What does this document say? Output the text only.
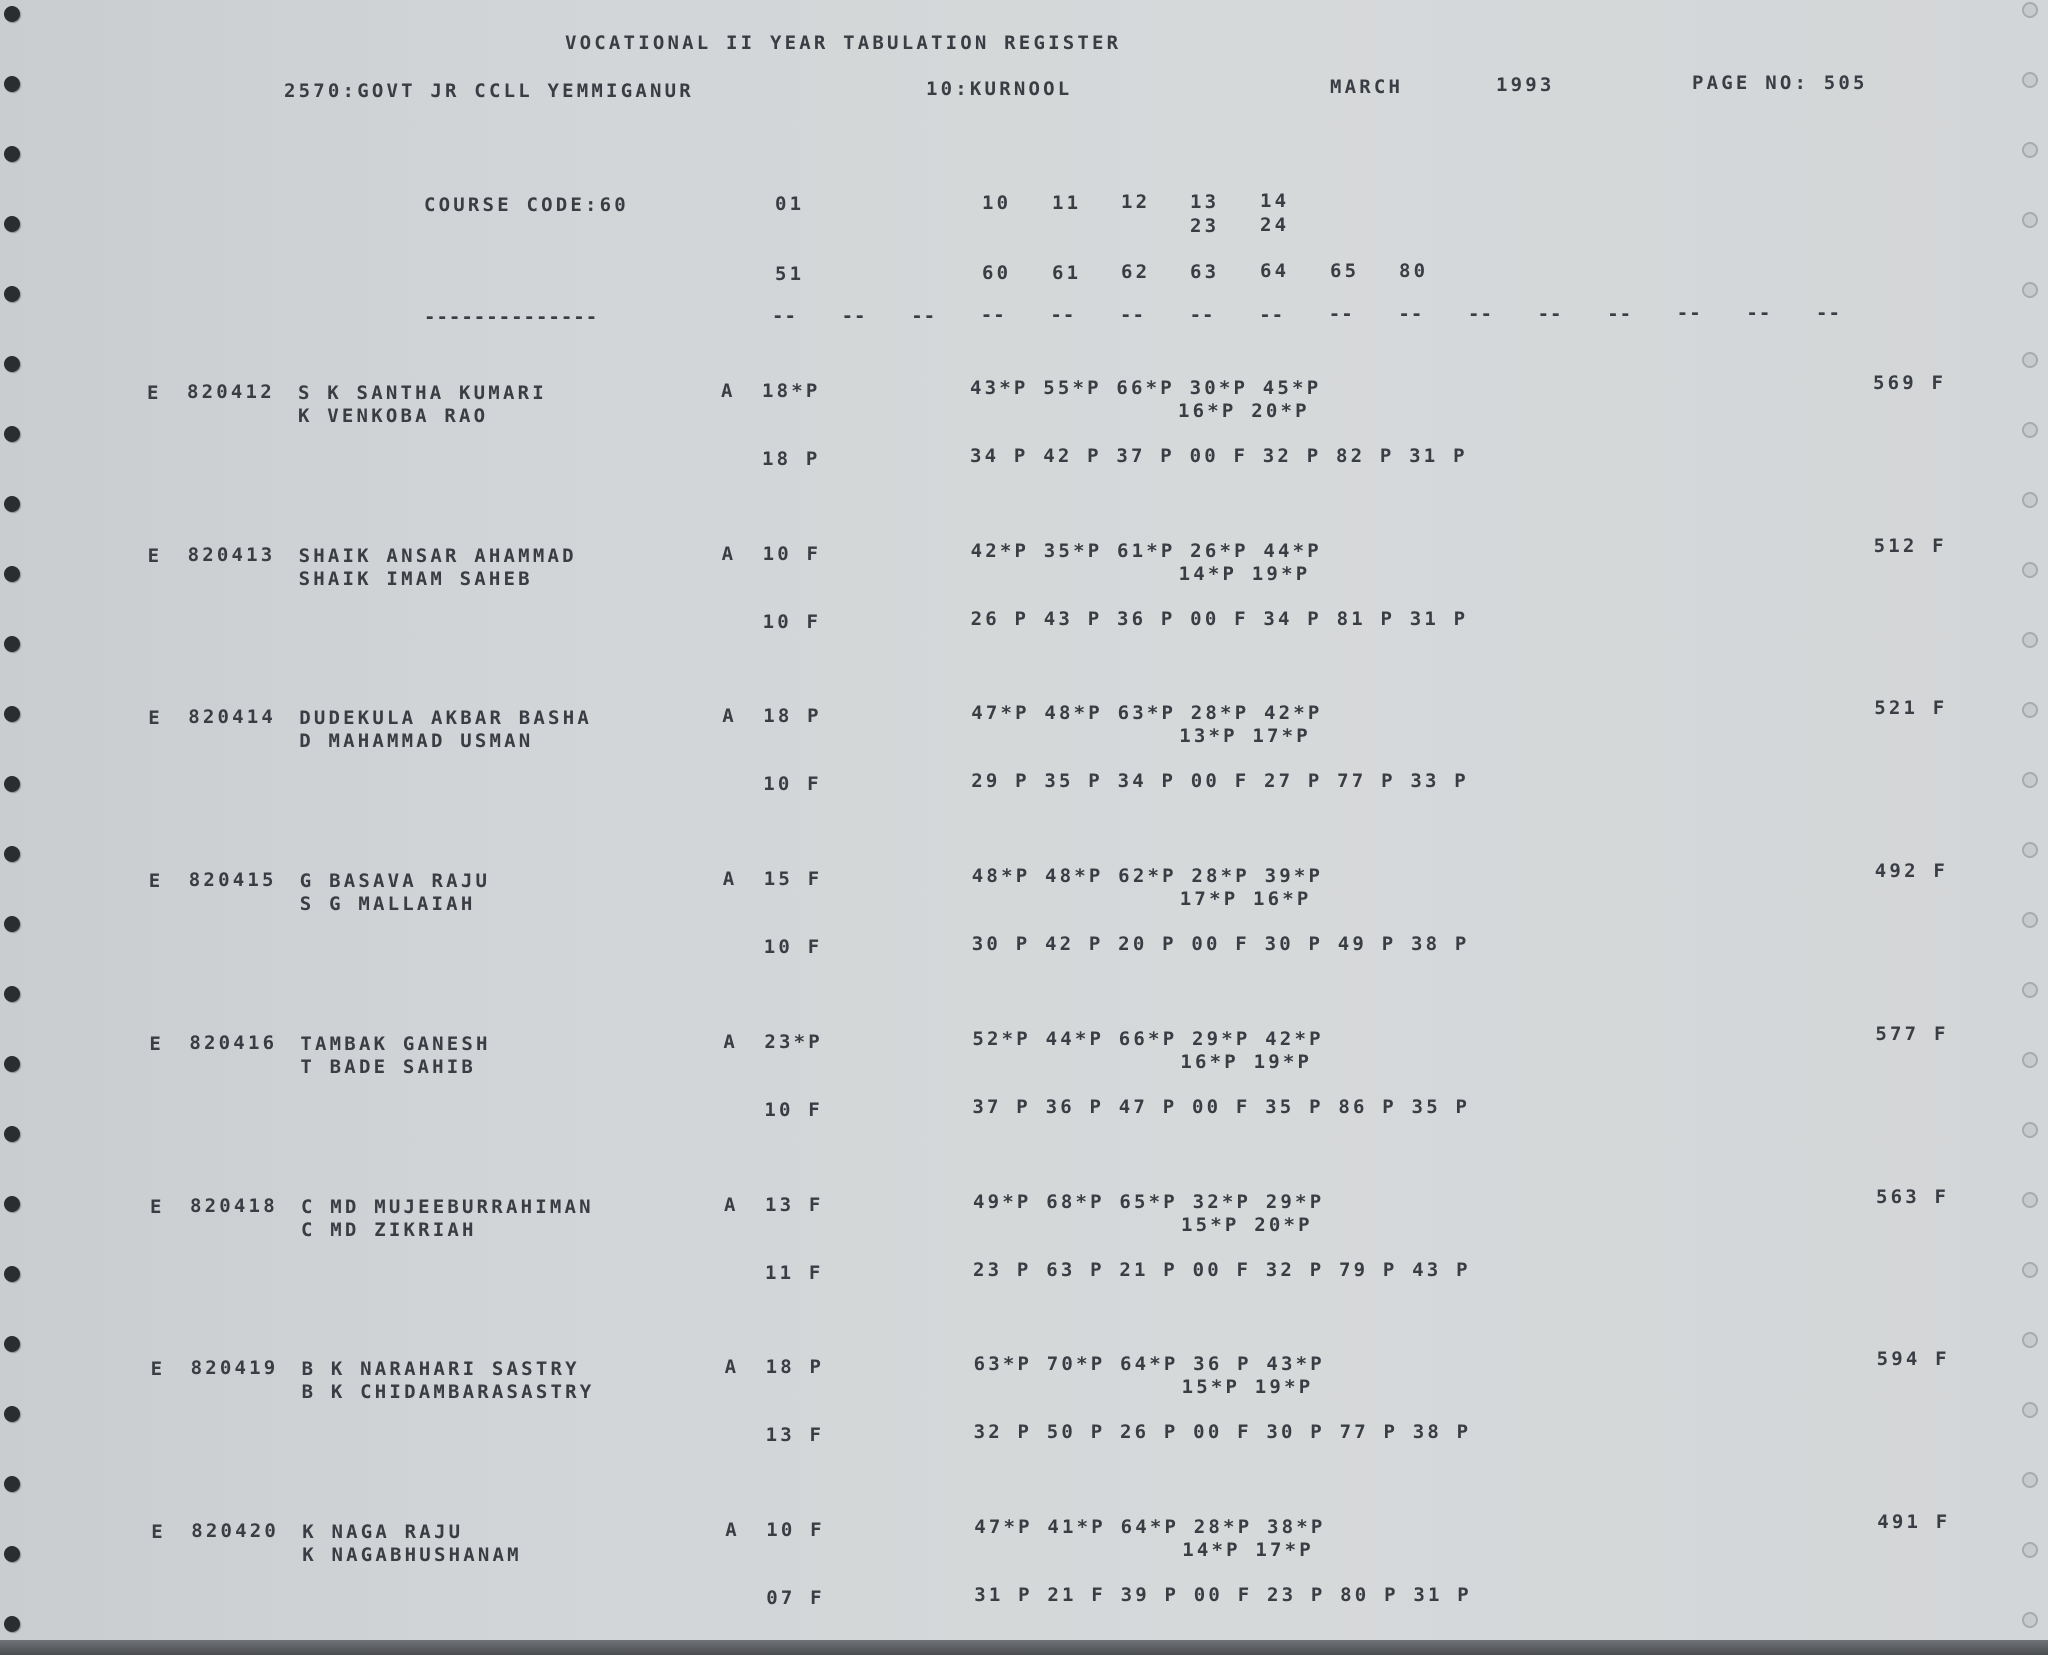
VOCATIONAL II YEAR TABULATION REGISTER
2570:GOVT JR CCLL YEMMIGANUR	10:KURNOOL	MARCH	1993	PAGE NO: 505
COURSE CODE:60	01	10 11 12 13 14
23 24
51	60 61 62 63 64 65 80
--------------	-- -- -- -- -- -- -- -- -- -- -- -- -- -- -- --
E 820412 S K SANTHA KUMARI
K VENKOBA RAO
A 18*P	43*P 55*P 66*P 30*P 45*P
16*P 20*P
18 P	34 P 42 P 37 P 00 F 32 P 82 P 31 P
569 F
E 820413 SHAIK ANSAR AHAMMAD
SHAIK IMAM SAHEB
A 10 F	42*P 35*P 61*P 26*P 44*P
14*P 19*P
10 F	26 P 43 P 36 P 00 F 34 P 81 P 31 P
512 F
E 820414 DUDEKULA AKBAR BASHA
D MAHAMMAD USMAN
A 18 P	47*P 48*P 63*P 28*P 42*P
13*P 17*P
10 F	29 P 35 P 34 P 00 F 27 P 77 P 33 P
521 F
E 820415 G BASAVA RAJU
S G MALLAIAH
A 15 F	48*P 48*P 62*P 28*P 39*P
17*P 16*P
10 F	30 P 42 P 20 P 00 F 30 P 49 P 38 P
492 F
E 820416 TAMBAK GANESH
T BADE SAHIB
A 23*P	52*P 44*P 66*P 29*P 42*P
16*P 19*P
10 F	37 P 36 P 47 P 00 F 35 P 86 P 35 P
577 F
E 820418 C MD MUJEEBURRAHIMAN
C MD ZIKRIAH
A 13 F	49*P 68*P 65*P 32*P 29*P
15*P 20*P
11 F	23 P 63 P 21 P 00 F 32 P 79 P 43 P
563 F
E 820419 B K NARAHARI SASTRY
B K CHIDAMBARASASTRY
A 18 P	63*P 70*P 64*P 36 P 43*P
15*P 19*P
13 F	32 P 50 P 26 P 00 F 30 P 77 P 38 P
594 F
E 820420 K NAGA RAJU
K NAGABHUSHANAM
A 10 F	47*P 41*P 64*P 28*P 38*P
14*P 17*P
07 F	31 P 21 F 39 P 00 F 23 P 80 P 31 P
491 F
